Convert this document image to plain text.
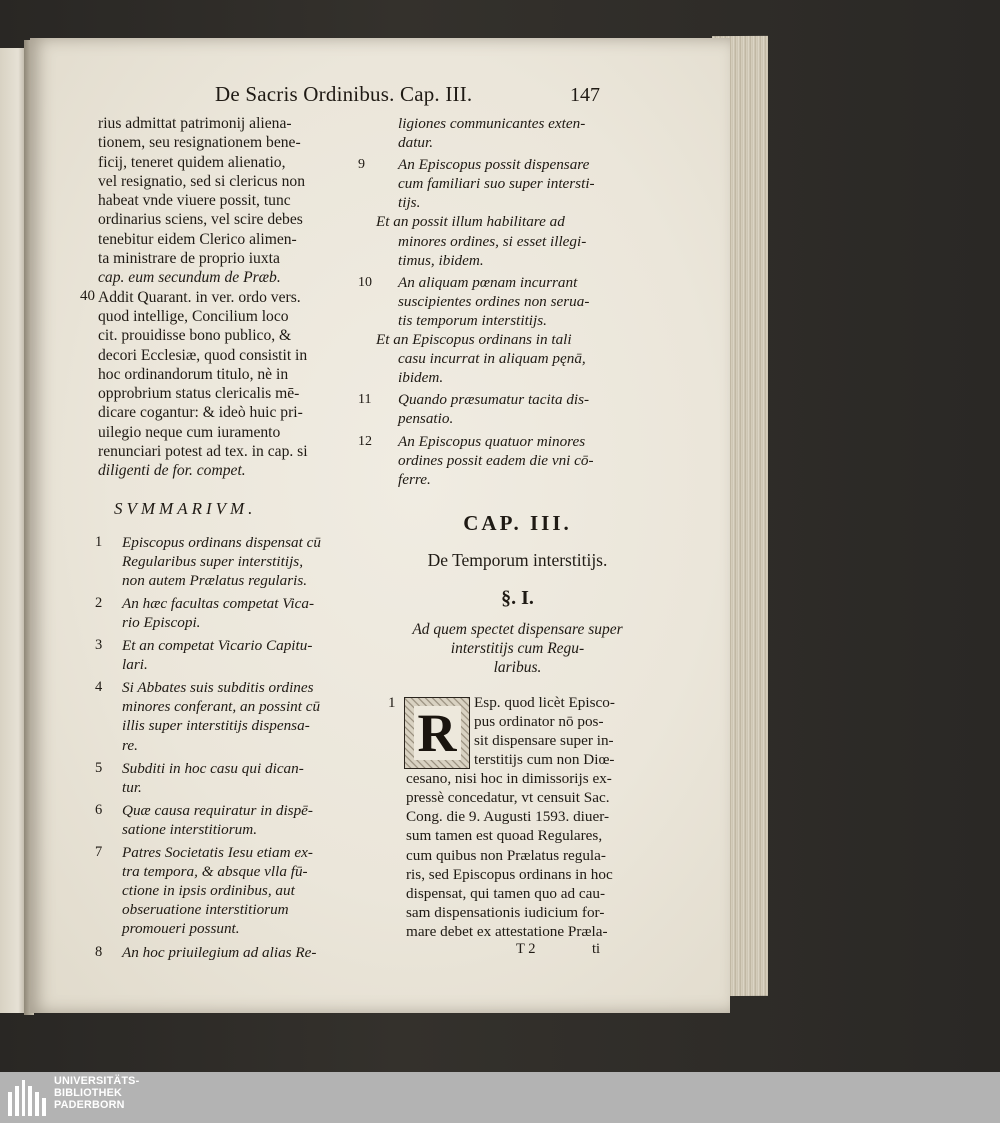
De Sacris Ordinibus. Cap. III.	147
rius admittat patrimonij aliena-
tionem, seu resignationem bene-
ficij, teneret quidem alienatio,
vel resignatio, sed si clericus non
habeat vnde viuere possit, tunc
ordinarius sciens, vel scire debes
tenebitur eidem Clerico alimen-
ta ministrare de proprio iuxta
cap. eum secundum de Præb.
40 Addit Quarant. in ver. ordo vers.
quod intellige, Concilium loco
cit. prouidisse bono publico, &
decori Ecclesiæ, quod consistit in
hoc ordinandorum titulo, nè in
opprobrium status clericalis mē-
dicare cogantur: & ideò huic pri-
uilegio neque cum iuramento
renunciari potest ad tex. in cap. si
diligenti de for. compet.
SVMMARIVM.
1 Episcopus ordinans dispensat cū
Regularibus super interstitijs,
non autem Prælatus regularis.
2 An hæc facultas competat Vica-
rio Episcopi.
3 Et an competat Vicario Capitu-
lari.
4 Si Abbates suis subditis ordines
minores conferant, an possint cū
illis super interstitijs dispensa-
re.
5 Subditi in hoc casu qui dican-
tur.
6 Quæ causa requiratur in dispē-
satione interstitiorum.
7 Patres Societatis Iesu etiam ex-
tra tempora, & absque vlla fū-
ctione in ipsis ordinibus, aut
obseruatione interstitiorum
promoueri possunt.
8 An hoc priuilegium ad alias Re-
ligiones communicantes exten-
datur.
9 An Episcopus possit dispensare
cum familiari suo super intersti-
tijs.
Et an possit illum habilitare ad
minores ordines, si esset illegi-
timus, ibidem.
10 An aliquam pœnam incurrant
suscipientes ordines non serua-
tis temporum interstitijs.
Et an Episcopus ordinans in tali
casu incurrat in aliquam pęnā,
ibidem.
11 Quando præsumatur tacita dis-
pensatio.
12 An Episcopus quatuor minores
ordines possit eadem die vni cō-
ferre.
CAP. III.
De Temporum interstitijs.
§. I.
Ad quem spectet dispensare super
interstitijs cum Regu-
laribus.
1 R
Esp. quod licèt Episco-
pus ordinator nō pos-
sit dispensare super in-
terstitijs cum non Diœ-
cesano, nisi hoc in dimissorijs ex-
pressè concedatur, vt censuit Sac.
Cong. die 9. Augusti 1593. diuer-
sum tamen est quoad Regulares,
cum quibus non Prælatus regula-
ris, sed Episcopus ordinans in hoc
dispensat, qui tamen quo ad cau-
sam dispensationis iudicium for-
mare debet ex attestatione Præla-
T 2	ti
UNIVERSITÄTS-
BIBLIOTHEK
PADERBORN
